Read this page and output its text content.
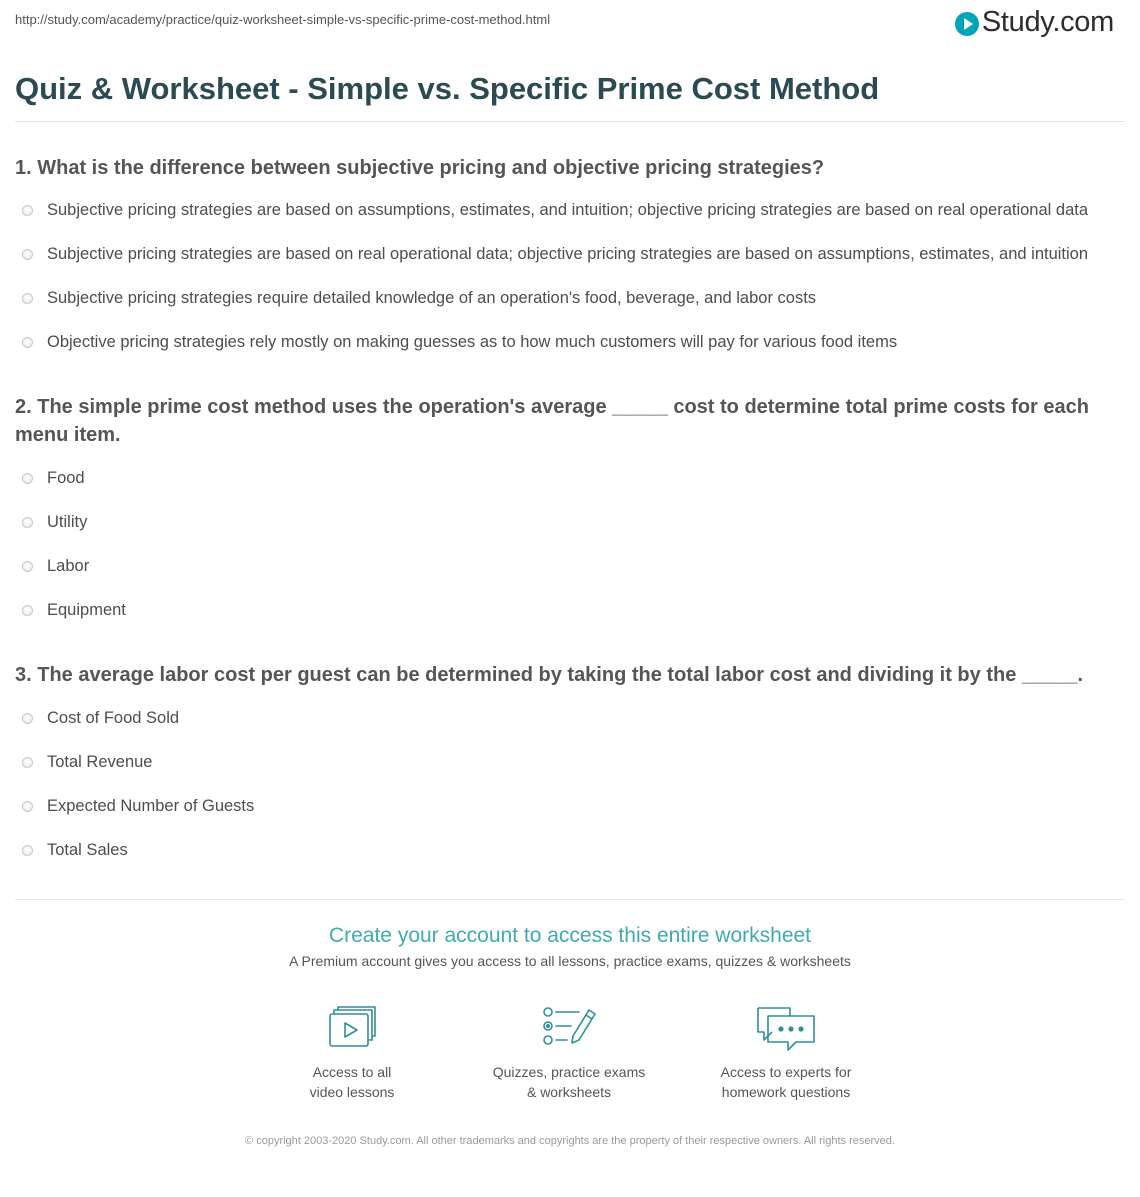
http://study.com/academy/practice/quiz-worksheet-simple-vs-specific-prime-cost-method.html	Study.com
Quiz & Worksheet - Simple vs. Specific Prime Cost Method
1. What is the difference between subjective pricing and objective pricing strategies?
Subjective pricing strategies are based on assumptions, estimates, and intuition; objective pricing strategies are based on real operational data
Subjective pricing strategies are based on real operational data; objective pricing strategies are based on assumptions, estimates, and intuition
Subjective pricing strategies require detailed knowledge of an operation's food, beverage, and labor costs
Objective pricing strategies rely mostly on making guesses as to how much customers will pay for various food items
2. The simple prime cost method uses the operation's average _____ cost to determine total prime costs for each menu item.
Food
Utility
Labor
Equipment
3. The average labor cost per guest can be determined by taking the total labor cost and dividing it by the _____.
Cost of Food Sold
Total Revenue
Expected Number of Guests
Total Sales
Create your account to access this entire worksheet
A Premium account gives you access to all lessons, practice exams, quizzes & worksheets
Access to all
video lessons
Quizzes, practice exams
& worksheets
Access to experts for
homework questions
© copyright 2003-2020 Study.com. All other trademarks and copyrights are the property of their respective owners. All rights reserved.
